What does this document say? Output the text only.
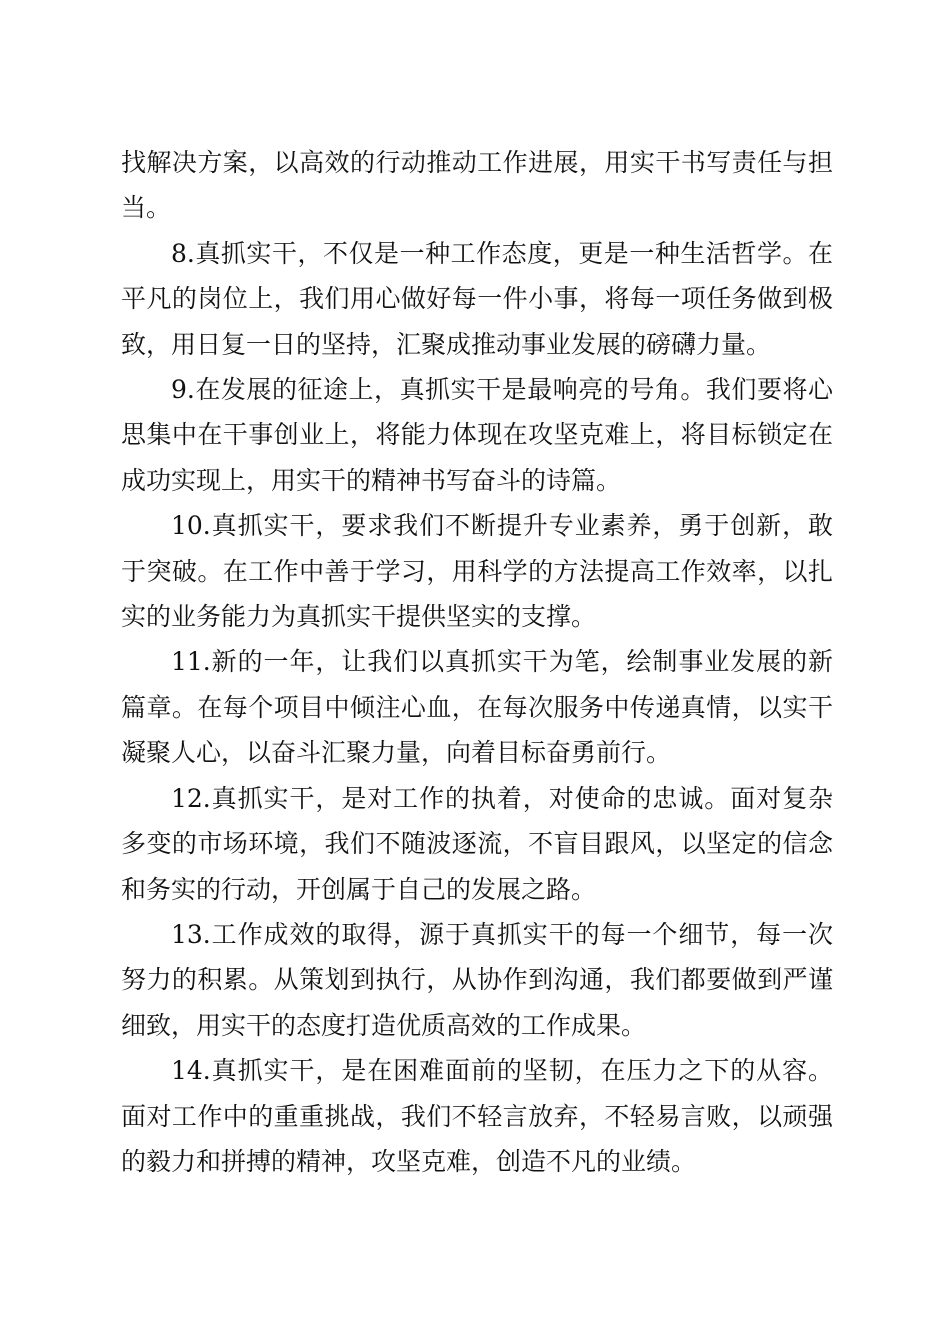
找解决方案，以高效的行动推动工作进展，用实干书写责任与担当。

8.真抓实干，不仅是一种工作态度，更是一种生活哲学。在平凡的岗位上，我们用心做好每一件小事，将每一项任务做到极致，用日复一日的坚持，汇聚成推动事业发展的磅礴力量。

9.在发展的征途上，真抓实干是最响亮的号角。我们要将心思集中在干事创业上，将能力体现在攻坚克难上，将目标锁定在成功实现上，用实干的精神书写奋斗的诗篇。

10.真抓实干，要求我们不断提升专业素养，勇于创新，敢于突破。在工作中善于学习，用科学的方法提高工作效率，以扎实的业务能力为真抓实干提供坚实的支撑。

11.新的一年，让我们以真抓实干为笔，绘制事业发展的新篇章。在每个项目中倾注心血，在每次服务中传递真情，以实干凝聚人心，以奋斗汇聚力量，向着目标奋勇前行。

12.真抓实干，是对工作的执着，对使命的忠诚。面对复杂多变的市场环境，我们不随波逐流，不盲目跟风，以坚定的信念和务实的行动，开创属于自己的发展之路。

13.工作成效的取得，源于真抓实干的每一个细节，每一次努力的积累。从策划到执行，从协作到沟通，我们都要做到严谨细致，用实干的态度打造优质高效的工作成果。

14.真抓实干，是在困难面前的坚韧，在压力之下的从容。面对工作中的重重挑战，我们不轻言放弃，不轻易言败，以顽强的毅力和拼搏的精神，攻坚克难，创造不凡的业绩。
